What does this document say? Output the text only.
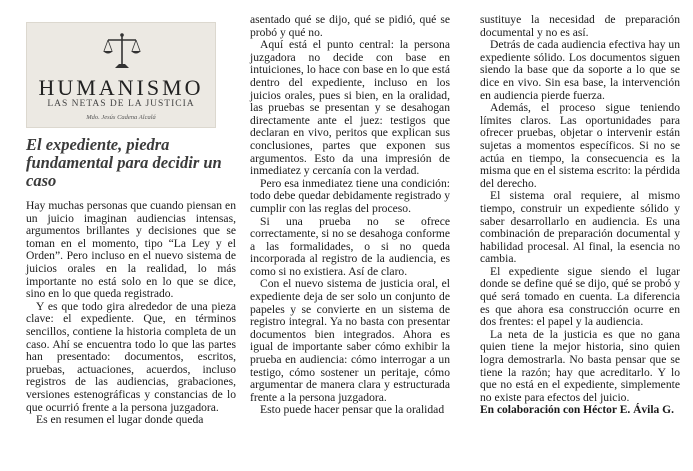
HUMANISMO
LAS NETAS DE LA JUSTICIA
Mdo. Jesús Cadena Alcalá
El expediente, piedra fundamental para decidir un caso

Hay muchas personas que cuando piensan en un juicio imaginan audiencias intensas, argumentos brillantes y decisiones que se toman en el momento, tipo “La Ley y el Orden”. Pero incluso en el nuevo sistema de juicios orales en la realidad, lo más importante no está solo en lo que se dice, sino en lo que queda registrado.

Y es que todo gira alrededor de una pieza clave: el expediente. Que, en términos sencillos, contiene la historia completa de un caso. Ahí se encuentra todo lo que las partes han presentado: documentos, escritos, pruebas, actuaciones, acuerdos, incluso registros de las audiencias, grabaciones, versiones estenográficas y constancias de lo que ocurrió frente a la persona juzgadora.

Es en resumen el lugar donde queda

asentado qué se dijo, qué se pidió, qué se probó y qué no.

Aquí está el punto central: la persona juzgadora no decide con base en intuiciones, lo hace con base en lo que está dentro del expediente, incluso en los juicios orales, pues si bien, en la oralidad, las pruebas se presentan y se desahogan directamente ante el juez: testigos que declaran en vivo, peritos que explican sus conclusiones, partes que exponen sus argumentos. Esto da una impresión de inmediatez y cercanía con la verdad.

Pero esa inmediatez tiene una condición: todo debe quedar debidamente registrado y cumplir con las reglas del proceso.

Si una prueba no se ofrece correctamente, si no se desahoga conforme a las formalidades, o si no queda incorporada al registro de la audiencia, es como si no existiera. Así de claro.

Con el nuevo sistema de justicia oral, el expediente deja de ser solo un conjunto de papeles y se convierte en un sistema de registro integral. Ya no basta con presentar documentos bien integrados. Ahora es igual de importante saber cómo exhibir la prueba en audiencia: cómo interrogar a un testigo, cómo sostener un peritaje, cómo argumentar de manera clara y estructurada frente a la persona juzgadora.

Esto puede hacer pensar que la oralidad

sustituye la necesidad de preparación documental y no es así.

Detrás de cada audiencia efectiva hay un expediente sólido. Los documentos siguen siendo la base que da soporte a lo que se dice en vivo. Sin esa base, la intervención en audiencia pierde fuerza.

Además, el proceso sigue teniendo límites claros. Las oportunidades para ofrecer pruebas, objetar o intervenir están sujetas a momentos específicos. Si no se actúa en tiempo, la consecuencia es la misma que en el sistema escrito: la pérdida del derecho.

El sistema oral requiere, al mismo tiempo, construir un expediente sólido y saber desarrollarlo en audiencia. Es una combinación de preparación documental y habilidad procesal. Al final, la esencia no cambia.

El expediente sigue siendo el lugar donde se define qué se dijo, qué se probó y qué será tomado en cuenta. La diferencia es que ahora esa construcción ocurre en dos frentes: el papel y la audiencia.

La neta de la justicia es que no gana quien tiene la mejor historia, sino quien logra demostrarla. No basta pensar que se tiene la razón; hay que acreditarlo. Y lo que no está en el expediente, simplemente no existe para efectos del juicio.

En colaboración con Héctor E. Ávila G.
